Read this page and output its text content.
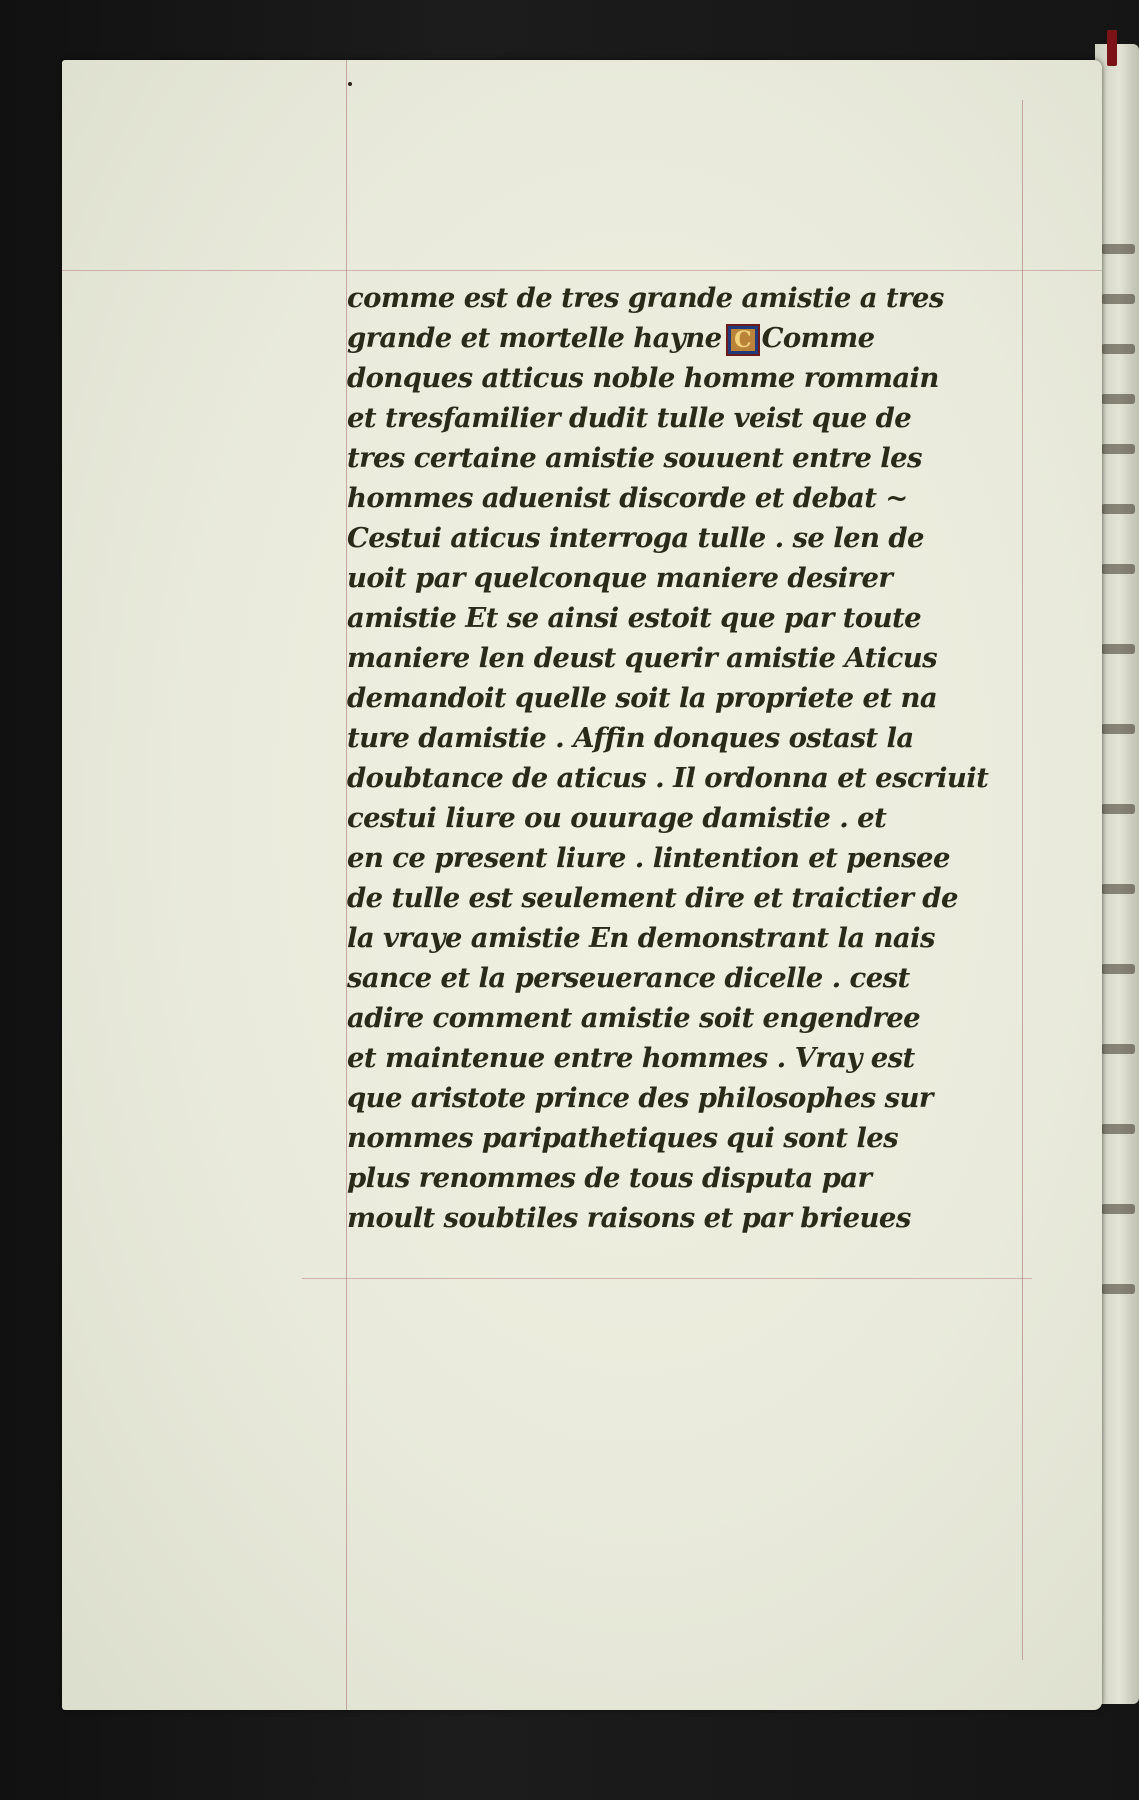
comme est de tres grande amistie a tres
grande et mortelle hayne C Comme
donques atticus noble homme rommain
et tresfamilier dudit tulle veist que de
tres certaine amistie souuent entre les
hommes aduenist discorde et debat ~
Cestui aticus interroga tulle . se len de
uoit par quelconque maniere desirer
amistie Et se ainsi estoit que par toute
maniere len deust querir amistie Aticus
demandoit quelle soit la propriete et na
ture damistie . Affin donques ostast la
doubtance de aticus . Il ordonna et escriuit
cestui liure ou ouurage damistie . et
en ce present liure . lintention et pensee
de tulle est seulement dire et traictier de
la vraye amistie En demonstrant la nais
sance et la perseuerance dicelle . cest
adire comment amistie soit engendree
et maintenue entre hommes . Vray est
que aristote prince des philosophes sur
nommes paripathetiques qui sont les
plus renommes de tous disputa par
moult soubtiles raisons et par brieues
